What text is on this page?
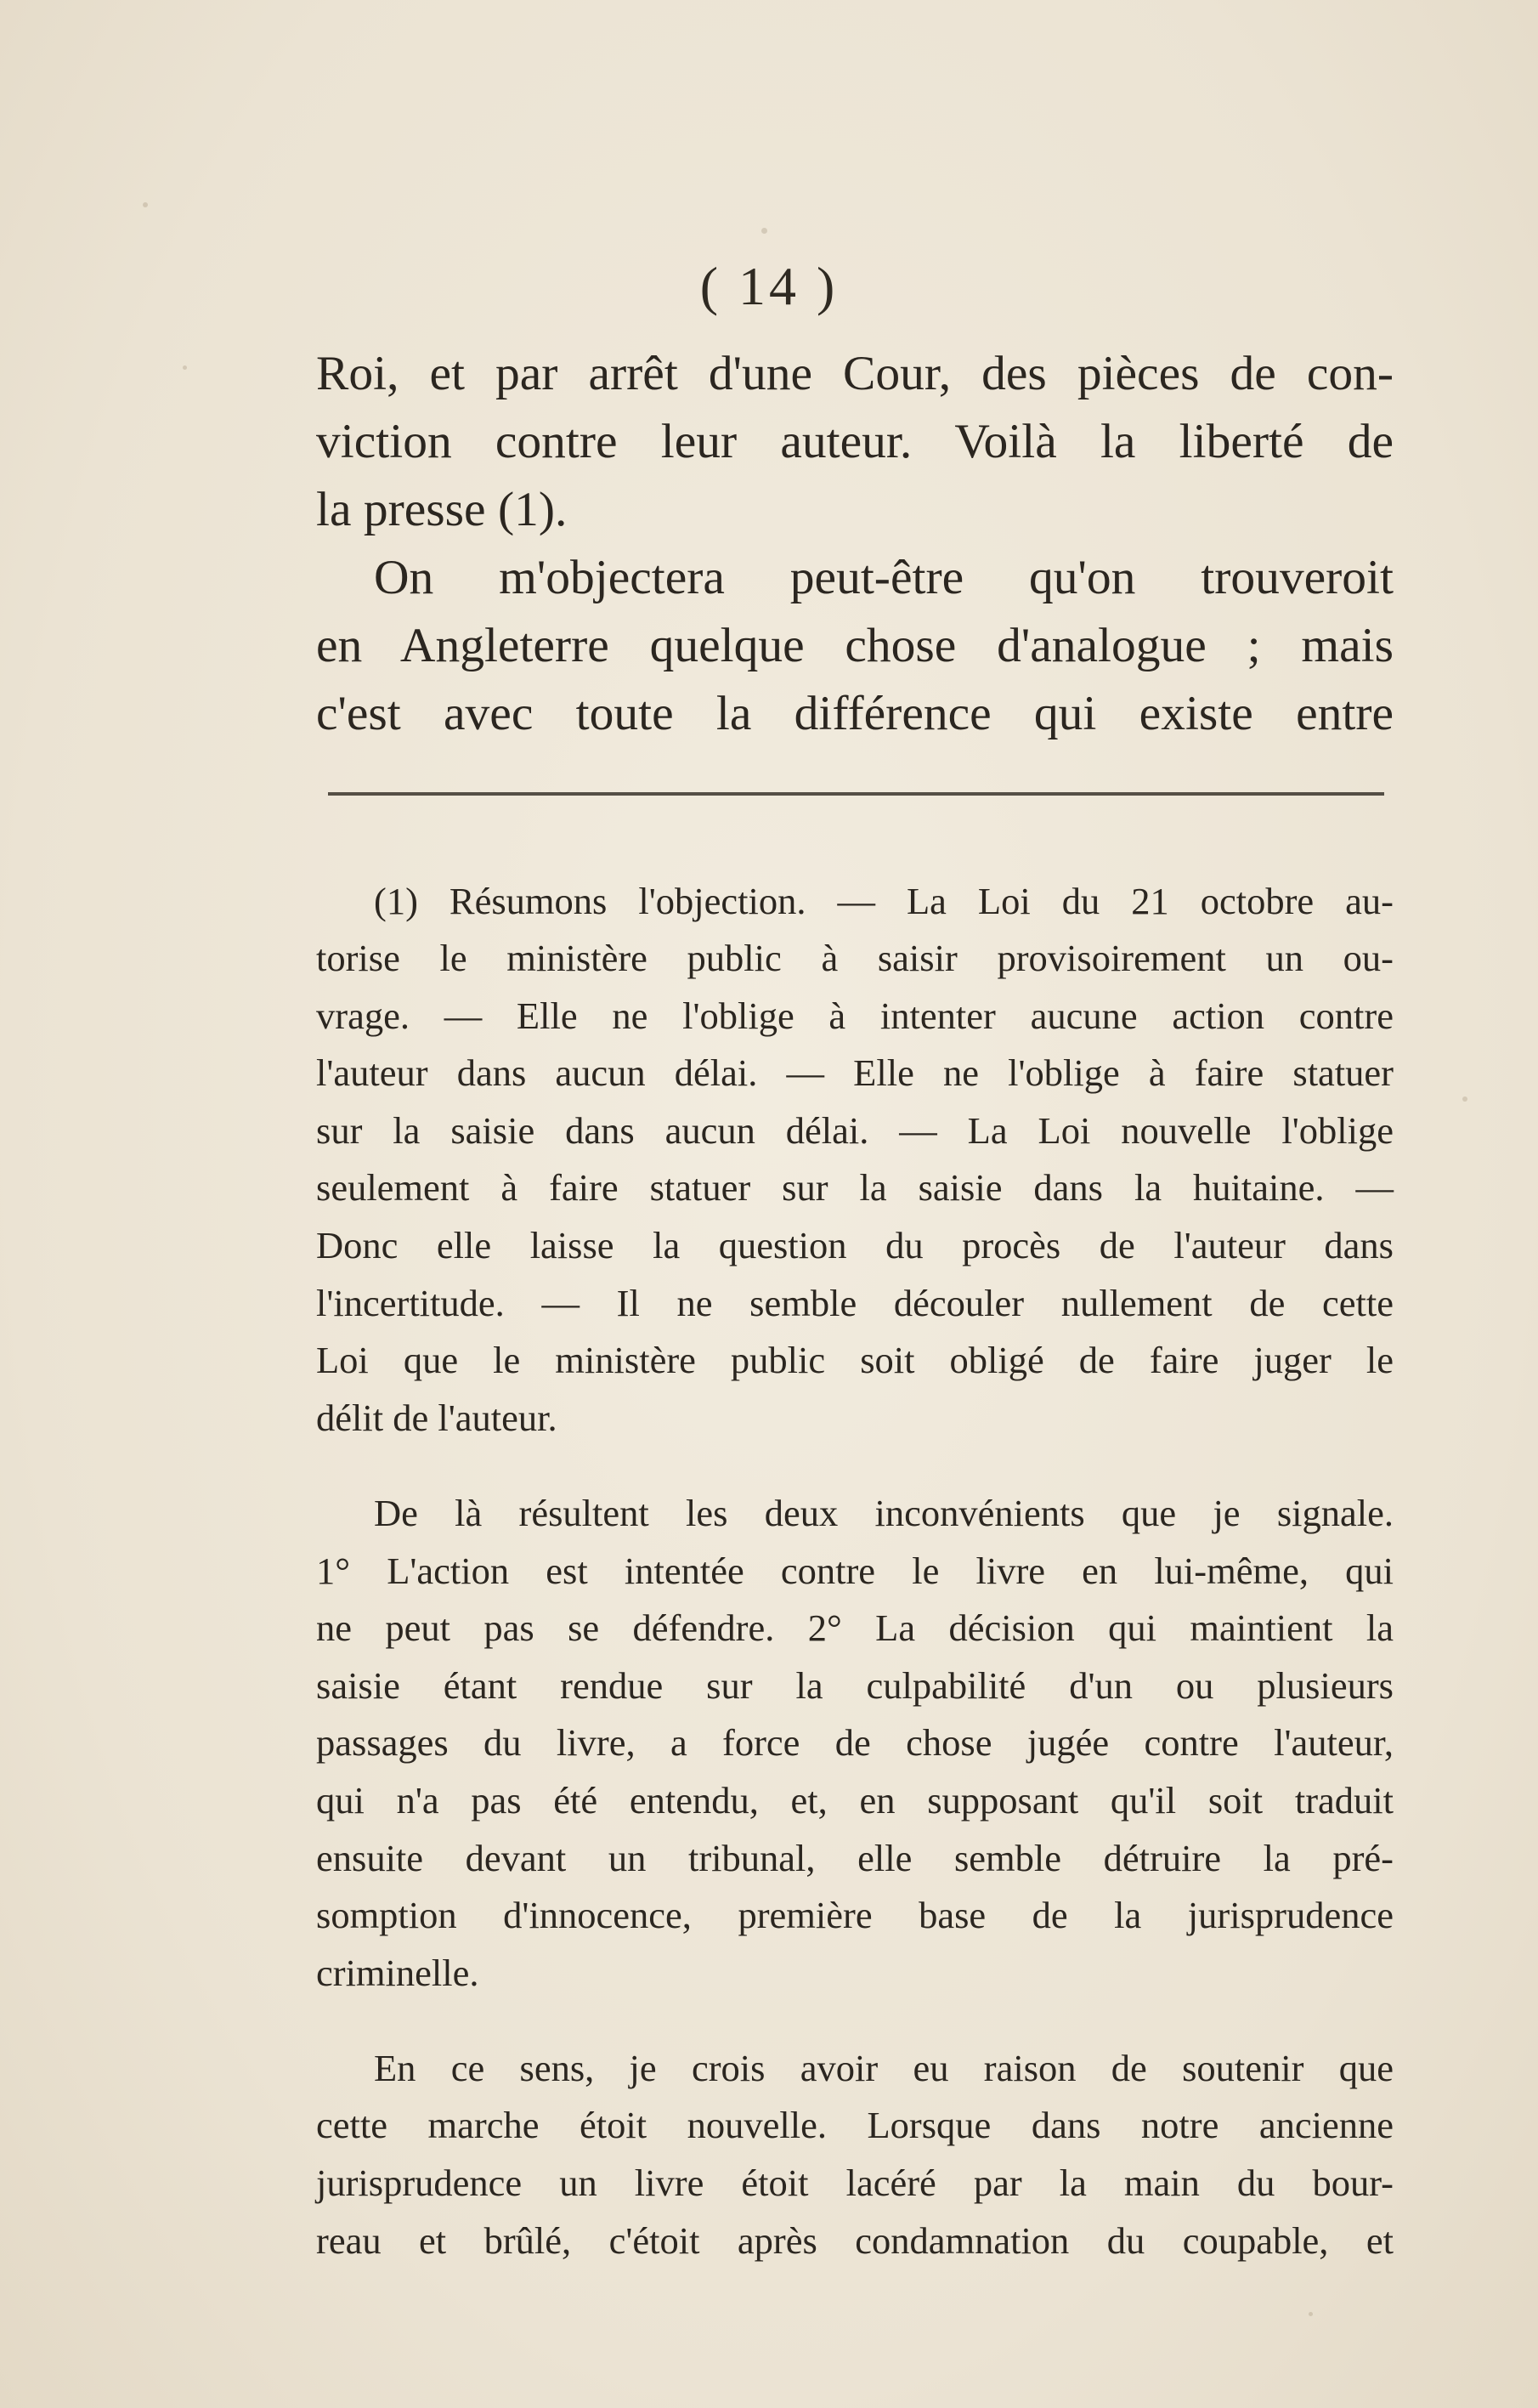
( 14 )

Roi, et par arrêt d'une Cour, des pièces de con-
viction contre leur auteur. Voilà la liberté de
la presse (1).

On m'objectera peut-être qu'on trouveroit
en Angleterre quelque chose d'analogue ; mais
c'est avec toute la différence qui existe entre

(1) Résumons l'objection. — La Loi du 21 octobre au-
torise le ministère public à saisir provisoirement un ou-
vrage. — Elle ne l'oblige à intenter aucune action contre
l'auteur dans aucun délai. — Elle ne l'oblige à faire statuer
sur la saisie dans aucun délai. — La Loi nouvelle l'oblige
seulement à faire statuer sur la saisie dans la huitaine. —
Donc elle laisse la question du procès de l'auteur dans
l'incertitude. — Il ne semble découler nullement de cette
Loi que le ministère public soit obligé de faire juger le
délit de l'auteur.

De là résultent les deux inconvénients que je signale.
1° L'action est intentée contre le livre en lui-même, qui
ne peut pas se défendre. 2° La décision qui maintient la
saisie étant rendue sur la culpabilité d'un ou plusieurs
passages du livre, a force de chose jugée contre l'auteur,
qui n'a pas été entendu, et, en supposant qu'il soit traduit
ensuite devant un tribunal, elle semble détruire la pré-
somption d'innocence, première base de la jurisprudence
criminelle.

En ce sens, je crois avoir eu raison de soutenir que
cette marche étoit nouvelle. Lorsque dans notre ancienne
jurisprudence un livre étoit lacéré par la main du bour-
reau et brûlé, c'étoit après condamnation du coupable, et
